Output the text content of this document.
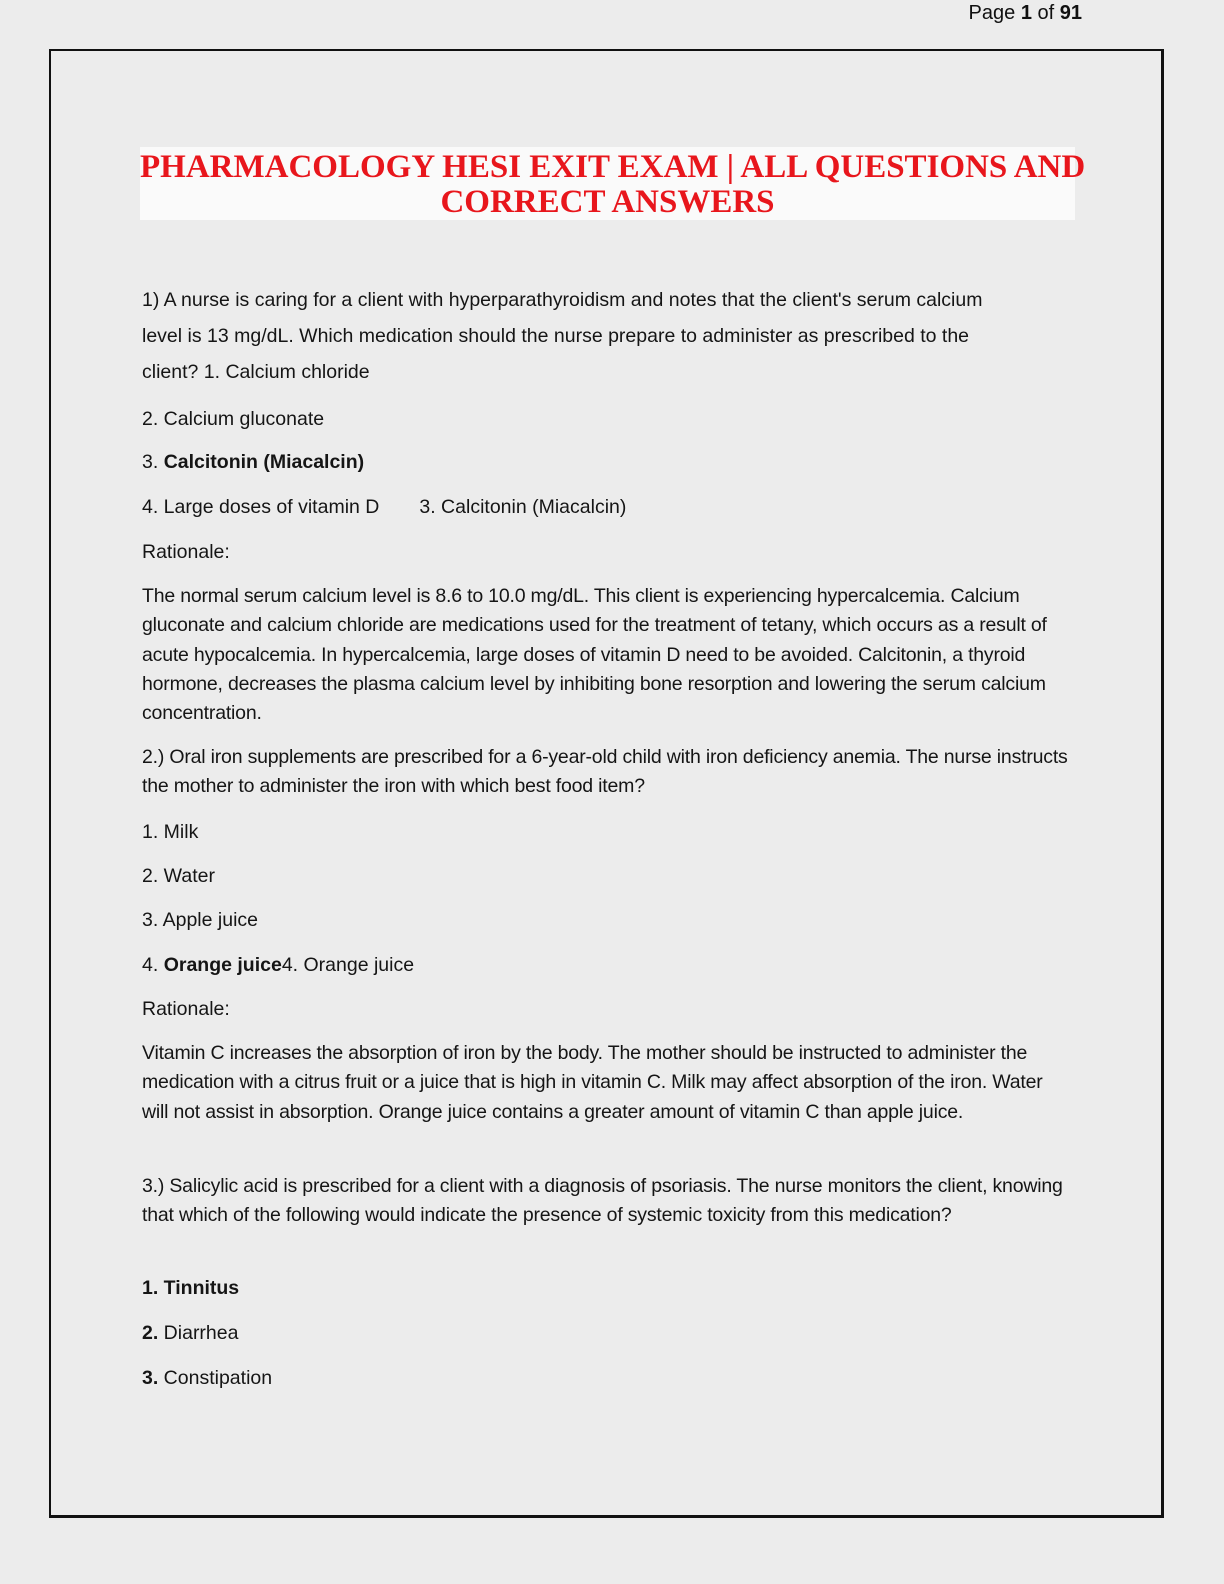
Page 1 of 91
PHARMACOLOGY HESI EXIT EXAM | ALL QUESTIONS AND
CORRECT ANSWERS
1) A nurse is caring for a client with hyperparathyroidism and notes that the client's serum calcium
level is 13 mg/dL. Which medication should the nurse prepare to administer as prescribed to the
client? 1. Calcium chloride
2. Calcium gluconate
3. Calcitonin (Miacalcin)
4. Large doses of vitamin D 3. Calcitonin (Miacalcin)
Rationale:
The normal serum calcium level is 8.6 to 10.0 mg/dL. This client is experiencing hypercalcemia. Calcium gluconate and calcium chloride are medications used for the treatment of tetany, which occurs as a result of acute hypocalcemia. In hypercalcemia, large doses of vitamin D need to be avoided. Calcitonin, a thyroid hormone, decreases the plasma calcium level by inhibiting bone resorption and lowering the serum calcium concentration.
2.) Oral iron supplements are prescribed for a 6-year-old child with iron deficiency anemia. The nurse instructs the mother to administer the iron with which best food item?
1. Milk
2. Water
3. Apple juice
4. Orange juice4. Orange juice
Rationale:
Vitamin C increases the absorption of iron by the body. The mother should be instructed to administer the medication with a citrus fruit or a juice that is high in vitamin C. Milk may affect absorption of the iron. Water will not assist in absorption. Orange juice contains a greater amount of vitamin C than apple juice.
3.) Salicylic acid is prescribed for a client with a diagnosis of psoriasis. The nurse monitors the client, knowing that which of the following would indicate the presence of systemic toxicity from this medication?
1. Tinnitus
2. Diarrhea
3. Constipation
